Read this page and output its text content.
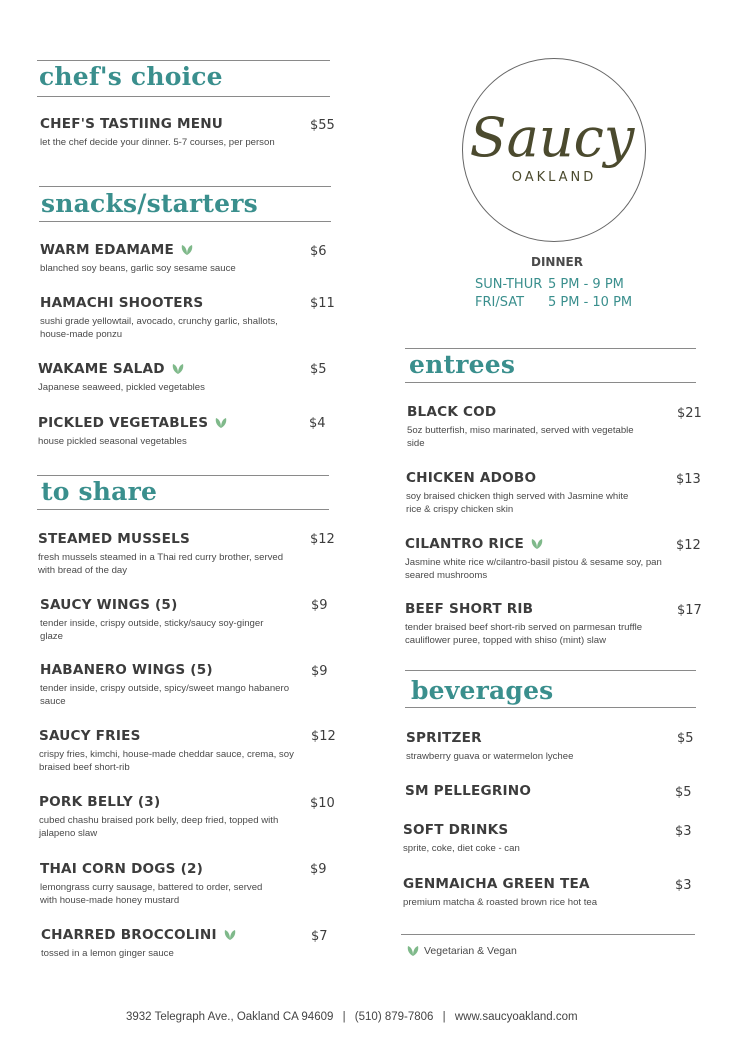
chef's choice
CHEF'S TASTIING MENU
let the chef decide your dinner. 5-7 courses, per person
$55
snacks/starters
WARM EDAMAME
blanched soy beans, garlic soy sesame sauce
$6
HAMACHI SHOOTERS
sushi grade yellowtail, avocado, crunchy garlic, shallots, house-made ponzu
$11
WAKAME SALAD
Japanese seaweed, pickled vegetables
$5
PICKLED VEGETABLES
house pickled seasonal vegetables
$4
to share
STEAMED MUSSELS
fresh mussels steamed in a Thai red curry brother, served with bread of the day
$12
SAUCY WINGS (5)
tender inside, crispy outside, sticky/saucy soy-ginger glaze
$9
HABANERO WINGS (5)
tender inside, crispy outside, spicy/sweet mango habanero sauce
$9
SAUCY FRIES
crispy fries, kimchi, house-made cheddar sauce, crema, soy braised beef short-rib
$12
PORK BELLY (3)
cubed chashu braised pork belly, deep fried, topped with jalapeno slaw
$10
THAI CORN DOGS (2)
lemongrass curry sausage, battered to order, served with house-made honey mustard
$9
CHARRED BROCCOLINI
tossed in a lemon ginger sauce
$7
Saucy
OAKLAND
DINNER
SUN-THUR 5 PM - 9 PM
FRI/SAT 5 PM - 10 PM
entrees
BLACK COD
5oz butterfish, miso marinated, served with vegetable side
$21
CHICKEN ADOBO
soy braised chicken thigh served with Jasmine white rice & crispy chicken skin
$13
CILANTRO RICE
Jasmine white rice w/cilantro-basil pistou & sesame soy, pan seared mushrooms
$12
BEEF SHORT RIB
tender braised beef short-rib served on parmesan truffle cauliflower puree, topped with shiso (mint) slaw
$17
beverages
SPRITZER
strawberry guava or watermelon lychee
$5
SM PELLEGRINO	$5
SOFT DRINKS
sprite, coke, diet coke - can
$3
GENMAICHA GREEN TEA
premium matcha & roasted brown rice hot tea
$3
Vegetarian & Vegan
3932 Telegraph Ave., Oakland CA 94609 | (510) 879-7806 | www.saucyoakland.com
